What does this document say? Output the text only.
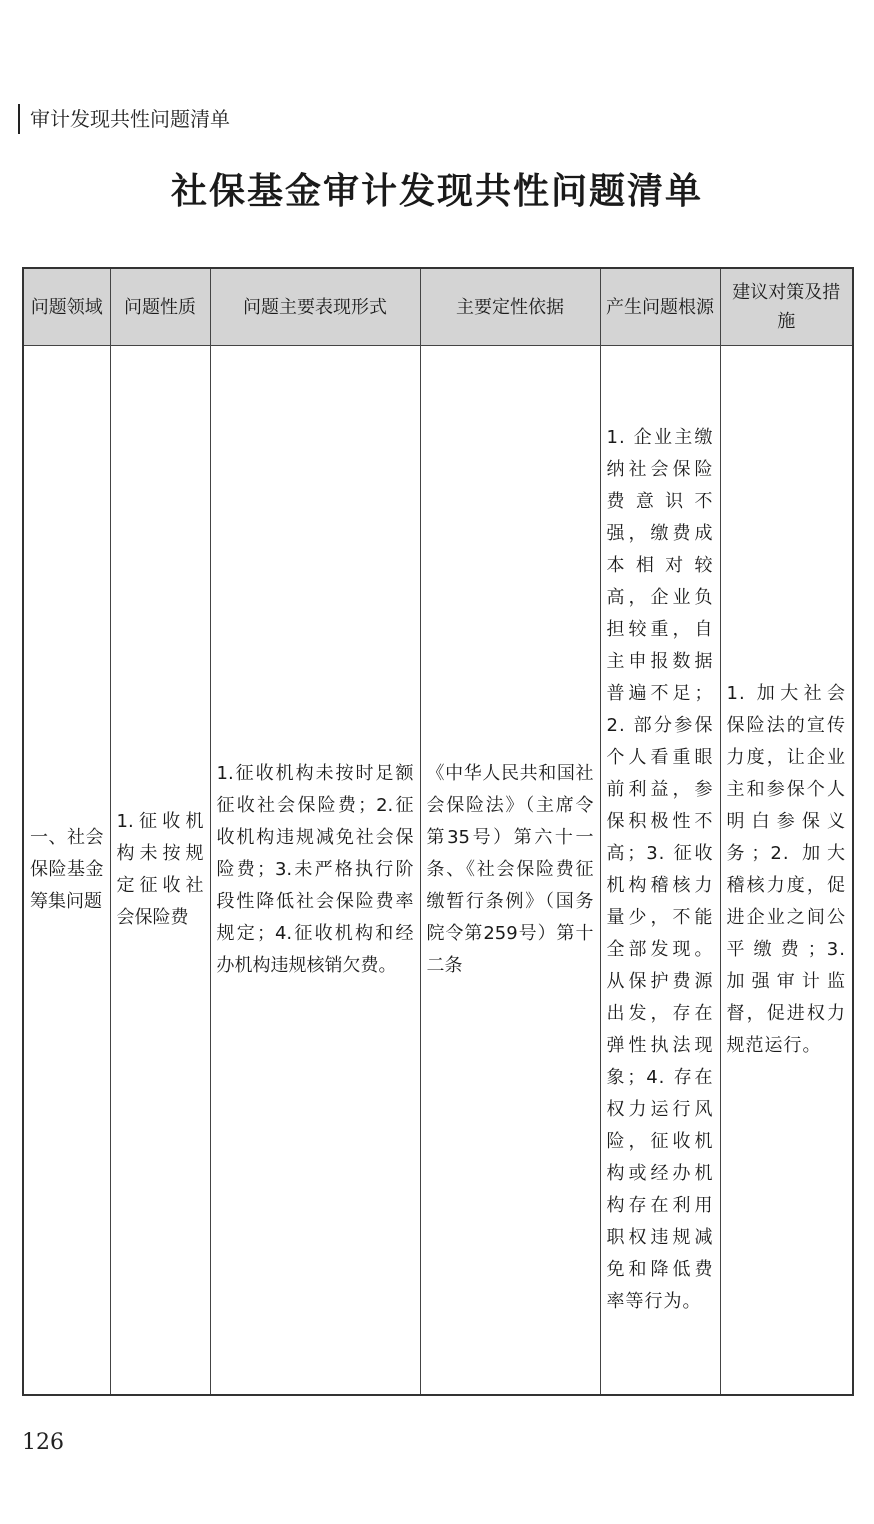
审计发现共性问题清单
社保基金审计发现共性问题清单
问题领域	问题性质	问题主要表现形式	主要定性依据	产生问题根源	建议对策及措施
一、社会保险基金筹集问题	1.征收机构未按规定征收社会保险费	1.征收机构未按时足额征收社会保险费；2.征收机构违规减免社会保险费；3.未严格执行阶段性降低社会保险费率规定；4.征收机构和经办机构违规核销欠费。	《中华人民共和国社会保险法》（主席令第35号）第六十一条、《社会保险费征缴暂行条例》（国务院令第259号）第十二条	1. 企业主缴纳社会保险费意识不强，缴费成本相对较高，企业负担较重，自主申报数据普遍不足；2. 部分参保个人看重眼前利益，参保积极性不高；3. 征收机构稽核力量少，不能全部发现。从保护费源出发，存在弹性执法现象；4. 存在权力运行风险，征收机构或经办机构存在利用职权违规减免和降低费率等行为。	1. 加大社会保险法的宣传力度，让企业主和参保个人明白参保义务；2. 加大稽核力度，促进企业之间公平缴费；3. 加强审计监督，促进权力规范运行。
126
